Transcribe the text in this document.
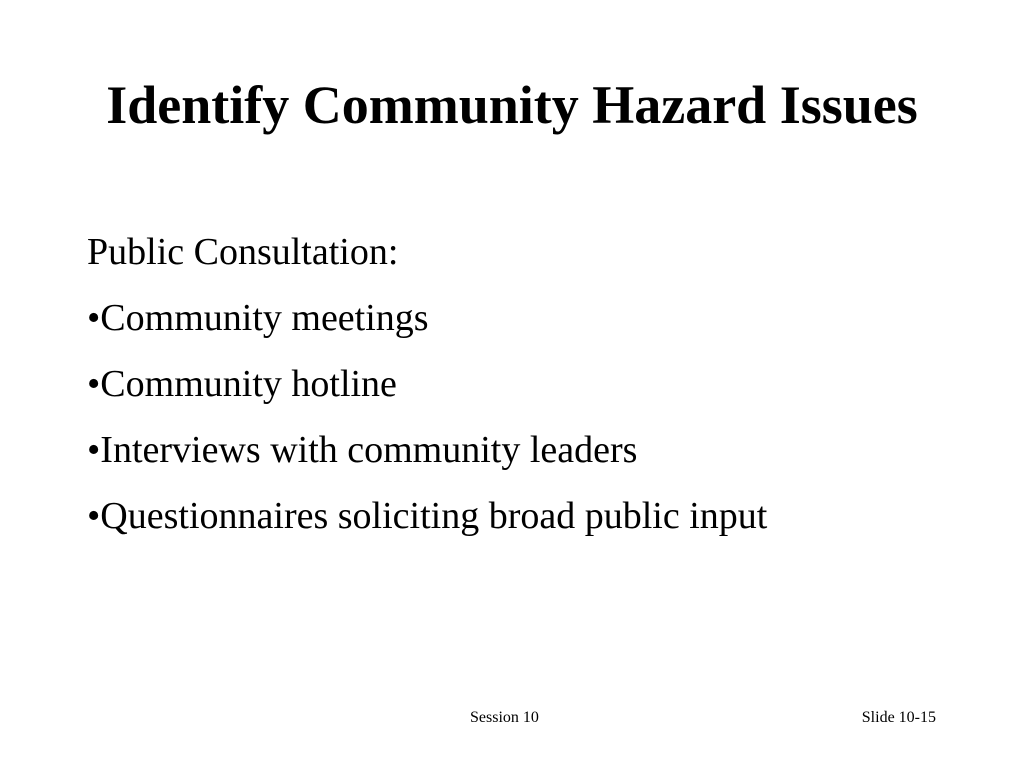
Identify Community Hazard Issues

Public Consultation:

•Community meetings
•Community hotline
•Interviews with community leaders
•Questionnaires soliciting broad public input
Session 10	Slide 10-15
